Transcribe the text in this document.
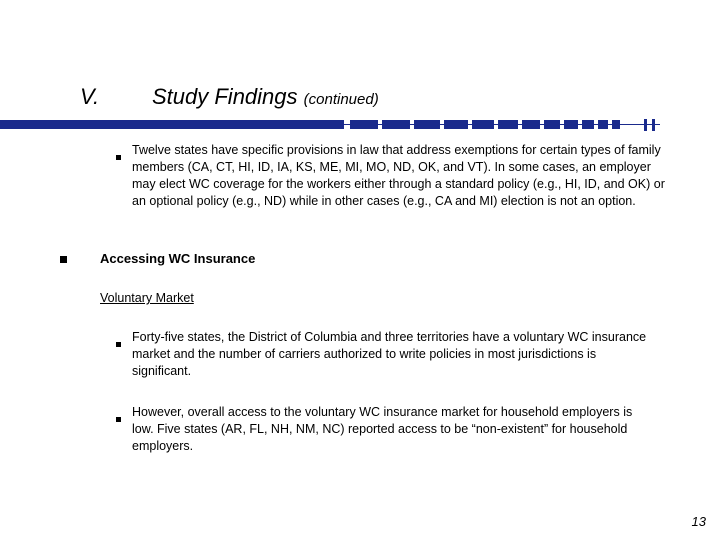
V. Study Findings (continued)
Twelve states have specific provisions in law that address exemptions for certain types of family members (CA, CT, HI, ID, IA, KS, ME, MI, MO, ND, OK, and VT). In some cases, an employer may elect WC coverage for the workers either through a standard policy (e.g., HI, ID, and OK) or an optional policy (e.g., ND) while in other cases (e.g., CA and MI) election is not an option.
Accessing WC Insurance
Voluntary Market
Forty-five states, the District of Columbia and three territories have a voluntary WC insurance market and the number of carriers authorized to write policies in most jurisdictions is significant.
However, overall access to the voluntary WC insurance market for household employers is low. Five states (AR, FL, NH, NM, NC) reported access to be “non-existent” for household employers.
13
